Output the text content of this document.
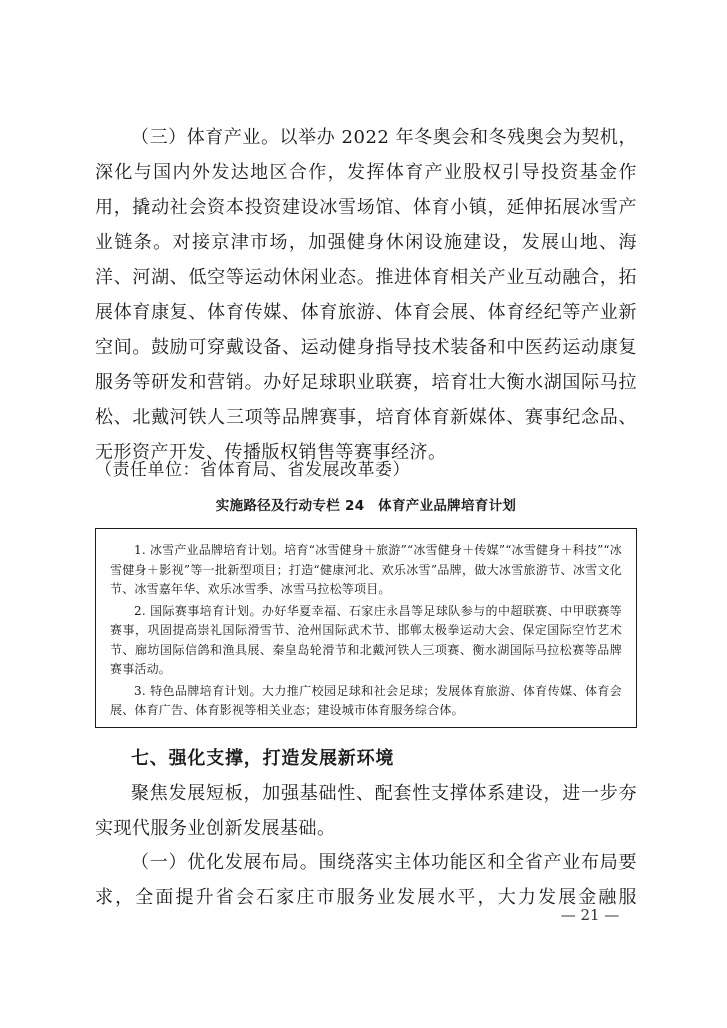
（三）体育产业。以举办 2022 年冬奥会和冬残奥会为契机，深化与国内外发达地区合作，发挥体育产业股权引导投资基金作用，撬动社会资本投资建设冰雪场馆、体育小镇，延伸拓展冰雪产业链条。对接京津市场，加强健身休闲设施建设，发展山地、海洋、河湖、低空等运动休闲业态。推进体育相关产业互动融合，拓展体育康复、体育传媒、体育旅游、体育会展、体育经纪等产业新空间。鼓励可穿戴设备、运动健身指导技术装备和中医药运动康复服务等研发和营销。办好足球职业联赛，培育壮大衡水湖国际马拉松、北戴河铁人三项等品牌赛事，培育体育新媒体、赛事纪念品、无形资产开发、传播版权销售等赛事经济。

（责任单位：省体育局、省发展改革委）

实施路径及行动专栏 24　体育产业品牌培育计划

1. 冰雪产业品牌培育计划。培育“冰雪健身＋旅游”“冰雪健身＋传媒”“冰雪健身＋科技”“冰雪健身＋影视”等一批新型项目；打造“健康河北、欢乐冰雪”品牌，做大冰雪旅游节、冰雪文化节、冰雪嘉年华、欢乐冰雪季、冰雪马拉松等项目。

2. 国际赛事培育计划。办好华夏幸福、石家庄永昌等足球队参与的中超联赛、中甲联赛等赛事，巩固提高崇礼国际滑雪节、沧州国际武术节、邯郸太极拳运动大会、保定国际空竹艺术节、廊坊国际信鸽和渔具展、秦皇岛轮滑节和北戴河铁人三项赛、衡水湖国际马拉松赛等品牌赛事活动。

3. 特色品牌培育计划。大力推广校园足球和社会足球；发展体育旅游、体育传媒、体育会展、体育广告、体育影视等相关业态；建设城市体育服务综合体。

七、强化支撑，打造发展新环境

聚焦发展短板，加强基础性、配套性支撑体系建设，进一步夯实现代服务业创新发展基础。

（一）优化发展布局。围绕落实主体功能区和全省产业布局要求，全面提升省会石家庄市服务业发展水平，大力发展金融服

— 21 —
